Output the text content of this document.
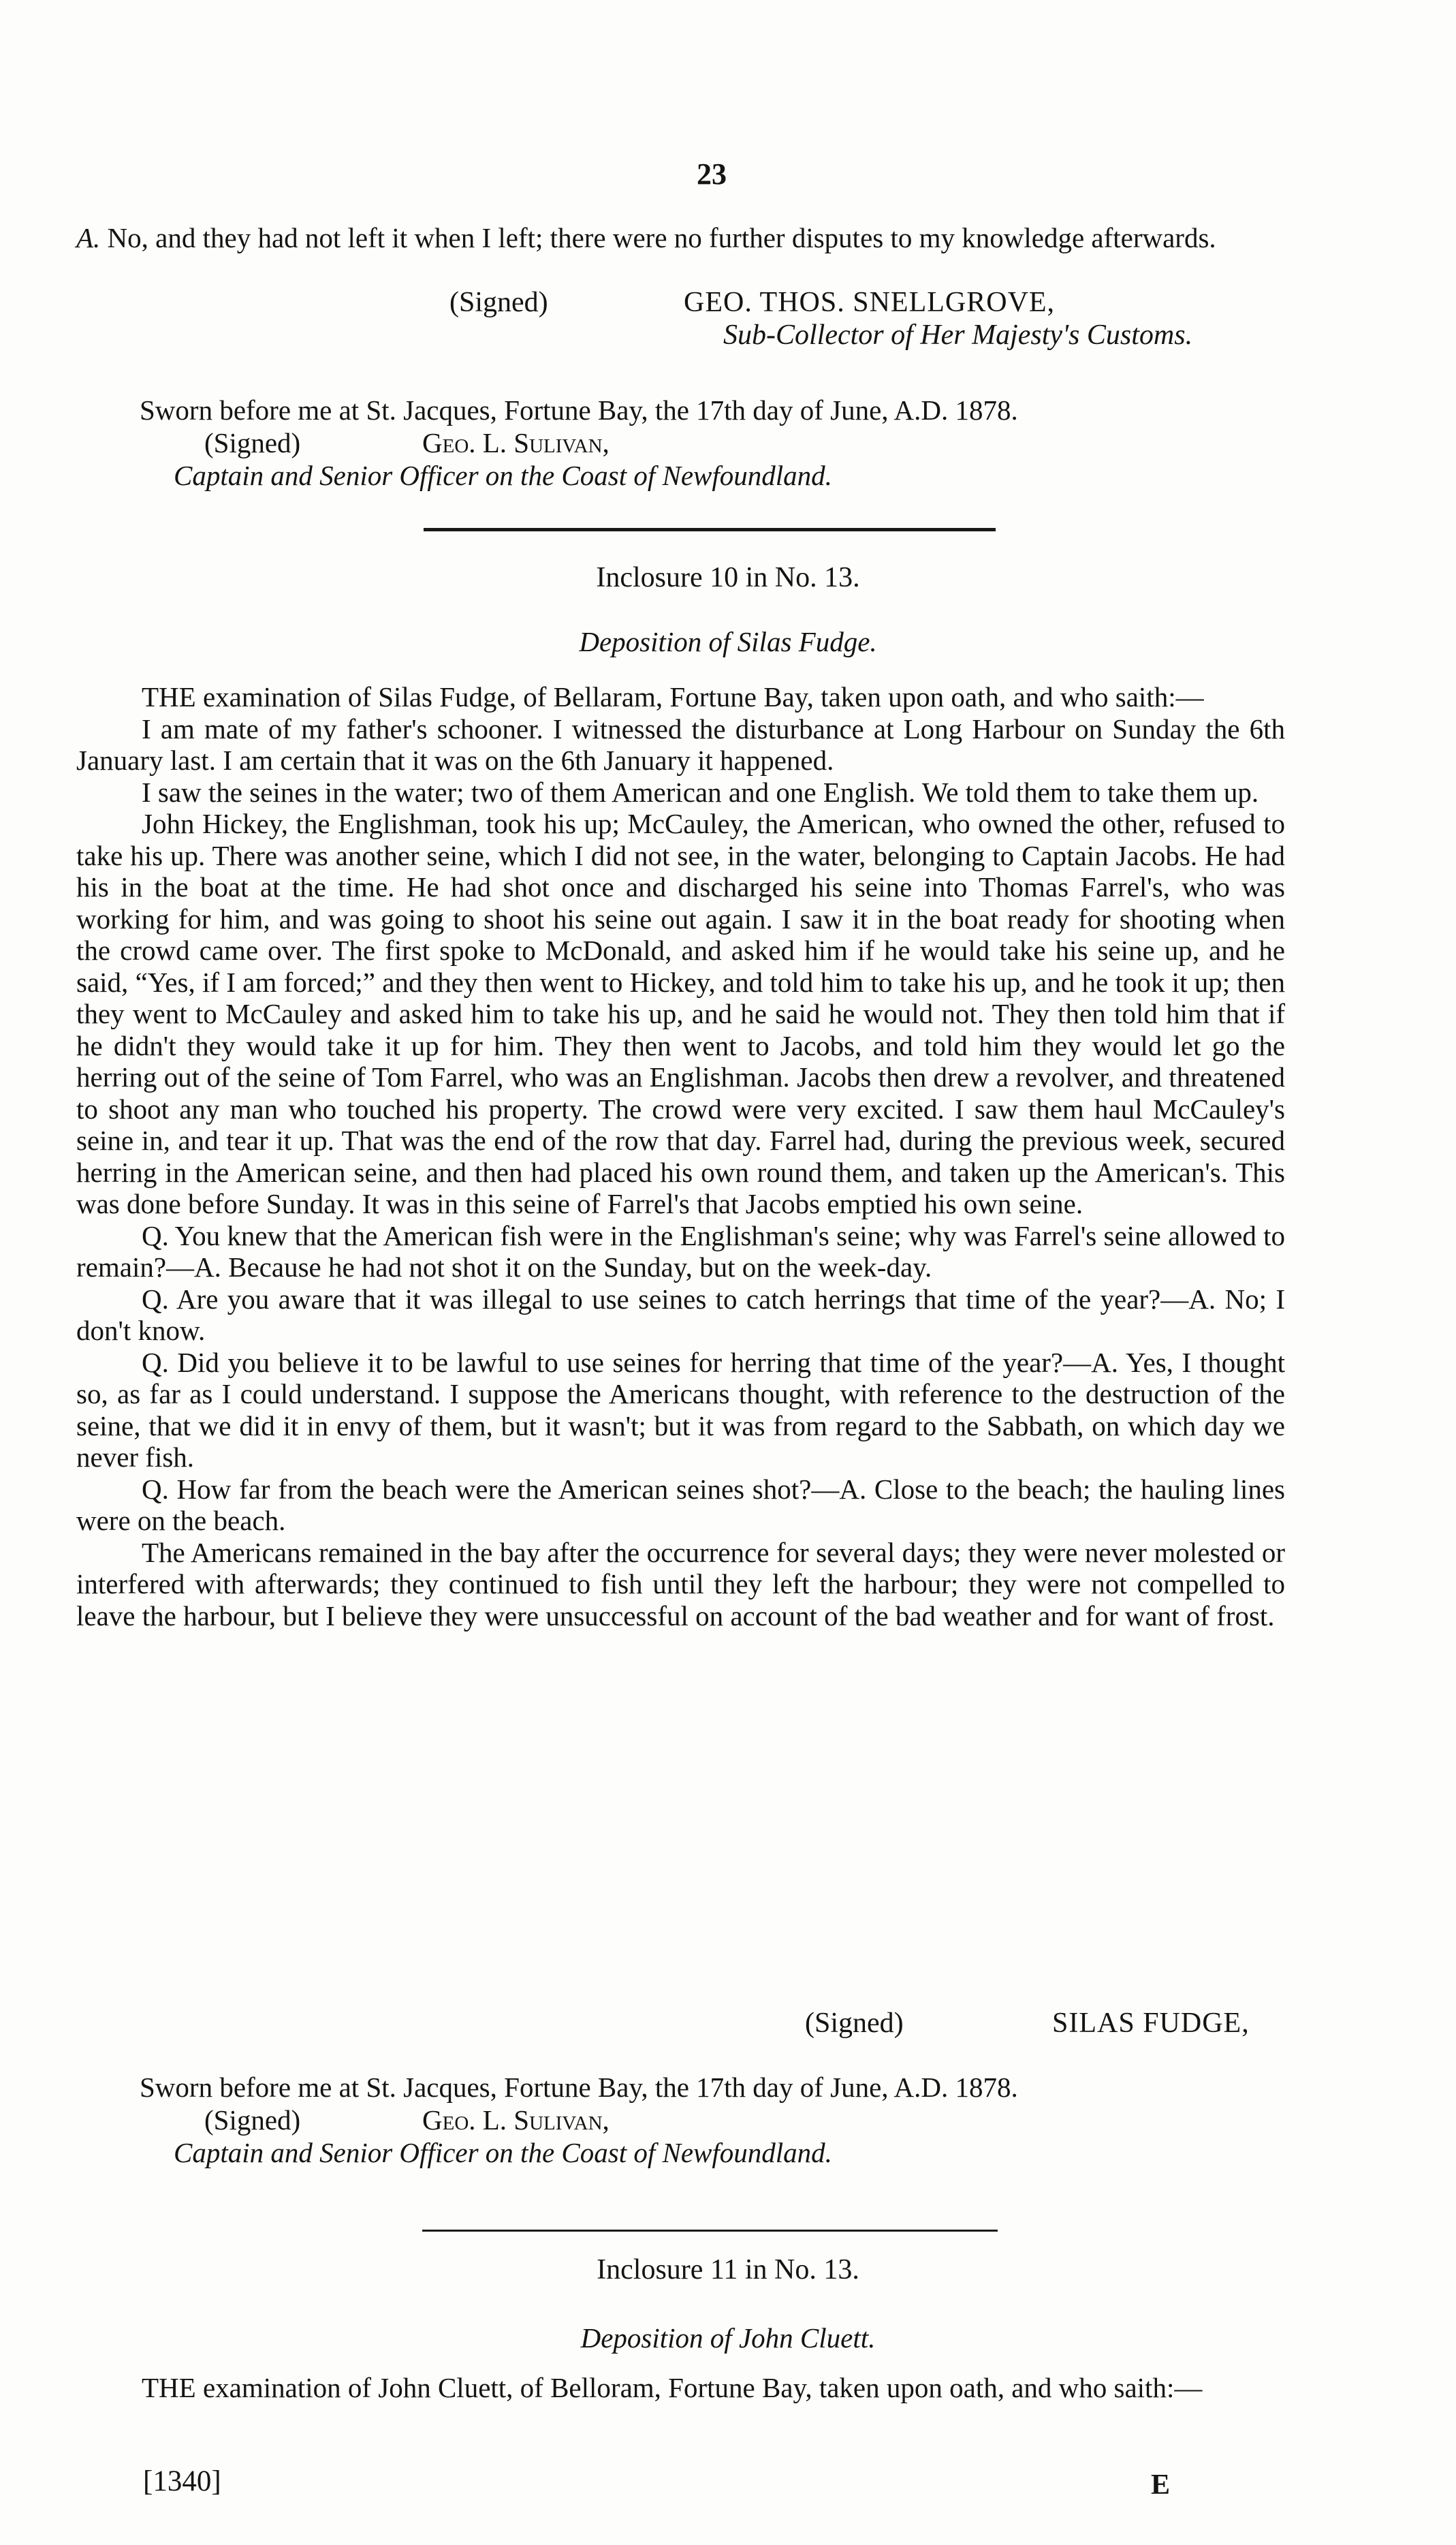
23

A. No, and they had not left it when I left; there were no further disputes to my knowledge afterwards.

(Signed)	GEO. THOS. SNELLGROVE,
Sub-Collector of Her Majesty's Customs.
Sworn before me at St. Jacques, Fortune Bay, the 17th day of June, A.D. 1878.
(Signed)	Geo. L. Sulivan,
Captain and Senior Officer on the Coast of Newfoundland.
Inclosure 10 in No. 13.
Deposition of Silas Fudge.

THE examination of Silas Fudge, of Bellaram, Fortune Bay, taken upon oath, and who saith:—

I am mate of my father's schooner. I witnessed the disturbance at Long Harbour on Sunday the 6th January last. I am certain that it was on the 6th January it happened.

I saw the seines in the water; two of them American and one English. We told them to take them up.

John Hickey, the Englishman, took his up; McCauley, the American, who owned the other, refused to take his up. There was another seine, which I did not see, in the water, belonging to Captain Jacobs. He had his in the boat at the time. He had shot once and discharged his seine into Thomas Farrel's, who was working for him, and was going to shoot his seine out again. I saw it in the boat ready for shooting when the crowd came over. The first spoke to McDonald, and asked him if he would take his seine up, and he said, “Yes, if I am forced;” and they then went to Hickey, and told him to take his up, and he took it up; then they went to McCauley and asked him to take his up, and he said he would not. They then told him that if he didn't they would take it up for him. They then went to Jacobs, and told him they would let go the herring out of the seine of Tom Farrel, who was an Englishman. Jacobs then drew a revolver, and threatened to shoot any man who touched his property. The crowd were very excited. I saw them haul McCauley's seine in, and tear it up. That was the end of the row that day. Farrel had, during the previous week, secured herring in the American seine, and then had placed his own round them, and taken up the American's. This was done before Sunday. It was in this seine of Farrel's that Jacobs emptied his own seine.

Q. You knew that the American fish were in the Englishman's seine; why was Farrel's seine allowed to remain?—A. Because he had not shot it on the Sunday, but on the week-day.

Q. Are you aware that it was illegal to use seines to catch herrings that time of the year?—A. No; I don't know.

Q. Did you believe it to be lawful to use seines for herring that time of the year?—A. Yes, I thought so, as far as I could understand. I suppose the Americans thought, with reference to the destruction of the seine, that we did it in envy of them, but it wasn't; but it was from regard to the Sabbath, on which day we never fish.

Q. How far from the beach were the American seines shot?—A. Close to the beach; the hauling lines were on the beach.

The Americans remained in the bay after the occurrence for several days; they were never molested or interfered with afterwards; they continued to fish until they left the harbour; they were not compelled to leave the harbour, but I believe they were unsuccessful on account of the bad weather and for want of frost.

(Signed)	SILAS FUDGE,
Sworn before me at St. Jacques, Fortune Bay, the 17th day of June, A.D. 1878.
(Signed)	Geo. L. Sulivan,
Captain and Senior Officer on the Coast of Newfoundland.
Inclosure 11 in No. 13.
Deposition of John Cluett.

THE examination of John Cluett, of Belloram, Fortune Bay, taken upon oath, and who saith:—

[1340]	E
